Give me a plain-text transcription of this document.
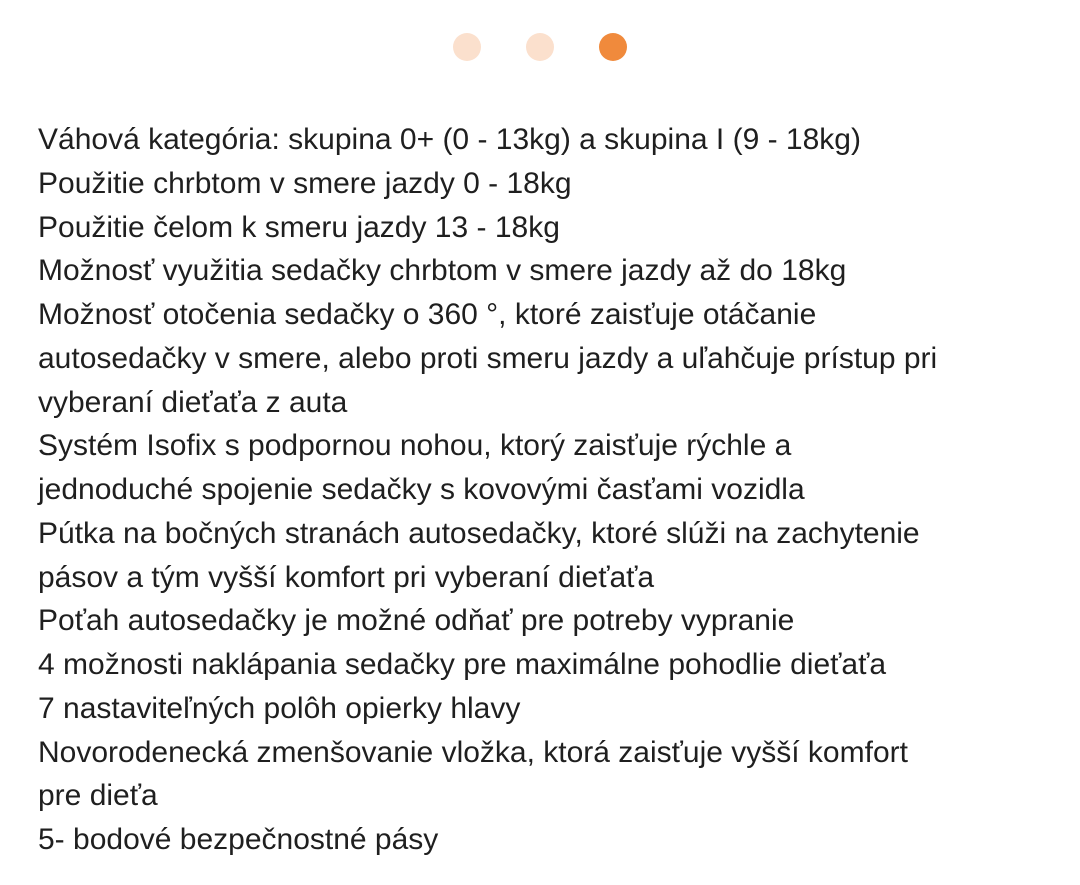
Váhová kategória: skupina 0+ (0 - 13kg) a skupina I (9 - 18kg)
Použitie chrbtom v smere jazdy 0 - 18kg
Použitie čelom k smeru jazdy 13 - 18kg
Možnosť využitia sedačky chrbtom v smere jazdy až do 18kg
Možnosť otočenia sedačky o 360 °, ktoré zaisťuje otáčanie
autosedačky v smere, alebo proti smeru jazdy a uľahčuje prístup pri
vyberaní dieťaťa z auta
Systém Isofix s podpornou nohou, ktorý zaisťuje rýchle a
jednoduché spojenie sedačky s kovovými časťami vozidla
Pútka na bočných stranách autosedačky, ktoré slúži na zachytenie
pásov a tým vyšší komfort pri vyberaní dieťaťa
Poťah autosedačky je možné odňať pre potreby vypranie
4 možnosti naklápania sedačky pre maximálne pohodlie dieťaťa
7 nastaviteľných polôh opierky hlavy
Novorodenecká zmenšovanie vložka, ktorá zaisťuje vyšší komfort
pre dieťa
5- bodové bezpečnostné pásy
